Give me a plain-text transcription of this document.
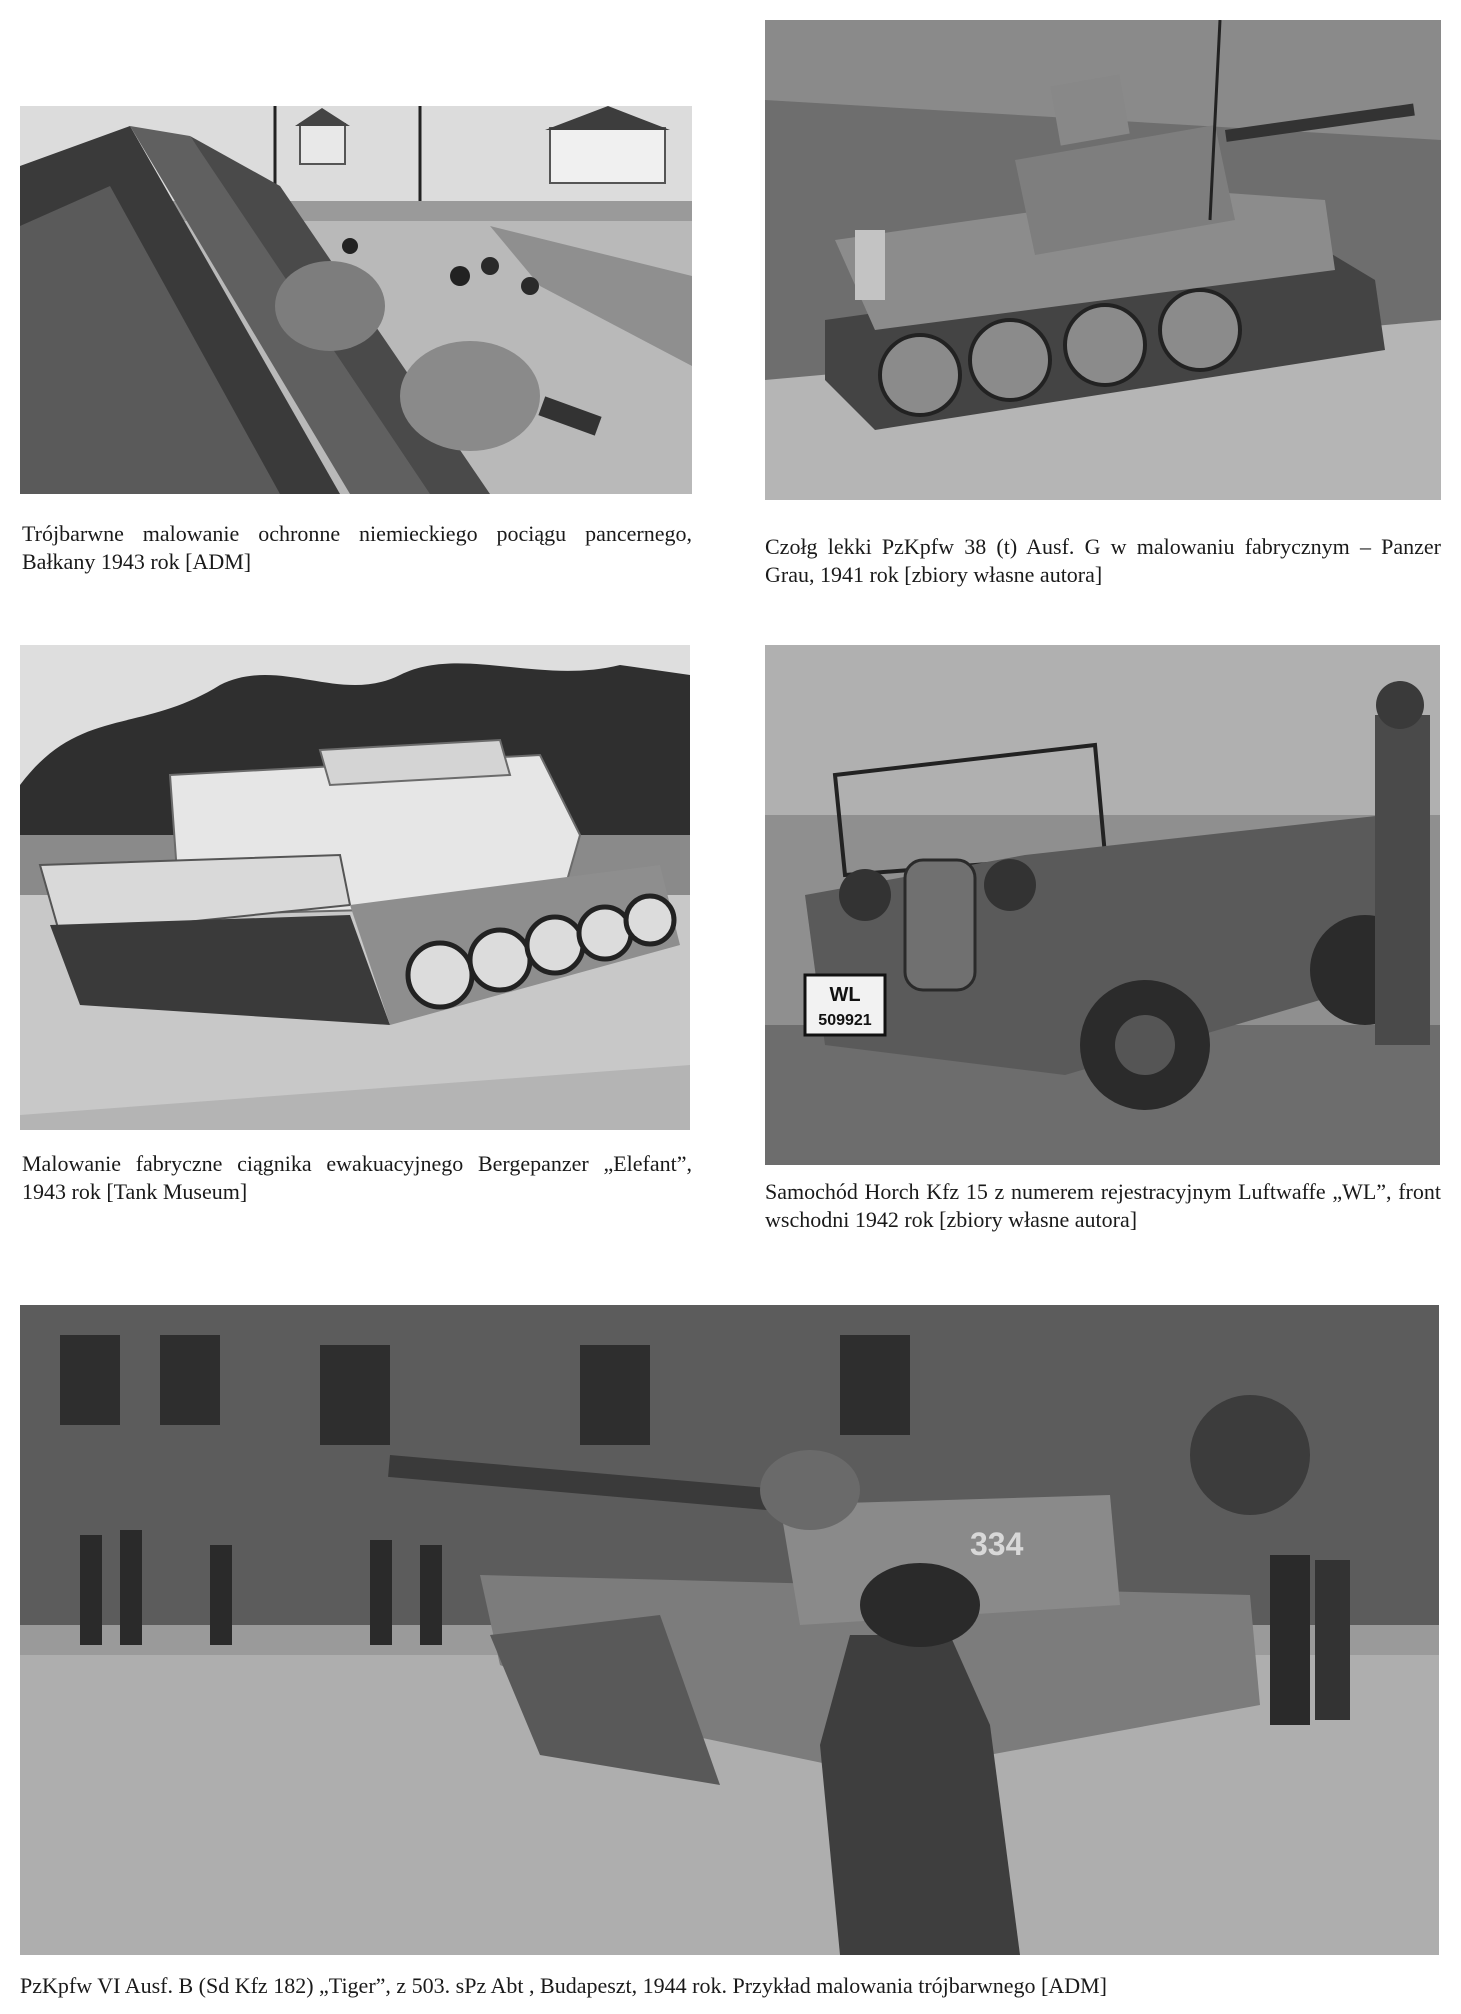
WL
509921
334

Trójbarwne malowanie ochronne niemieckiego pociągu pancernego, Bałkany 1943 rok [ADM]

Czołg lekki PzKpfw 38 (t) Ausf. G w malowaniu fabrycznym – Panzer Grau, 1941 rok [zbiory własne autora]

Malowanie fabryczne ciągnika ewakuacyjnego Bergepanzer „Elefant”, 1943 rok [Tank Museum]	Samochód Horch Kfz 15 z numerem rejestracyjnym Luftwaffe „WL”, front wschodni 1942 rok [zbiory własne autora]

PzKpfw VI Ausf. B (Sd Kfz 182) „Tiger”, z 503. sPz Abt , Budapeszt, 1944 rok. Przykład malowania trójbarwnego [ADM]
